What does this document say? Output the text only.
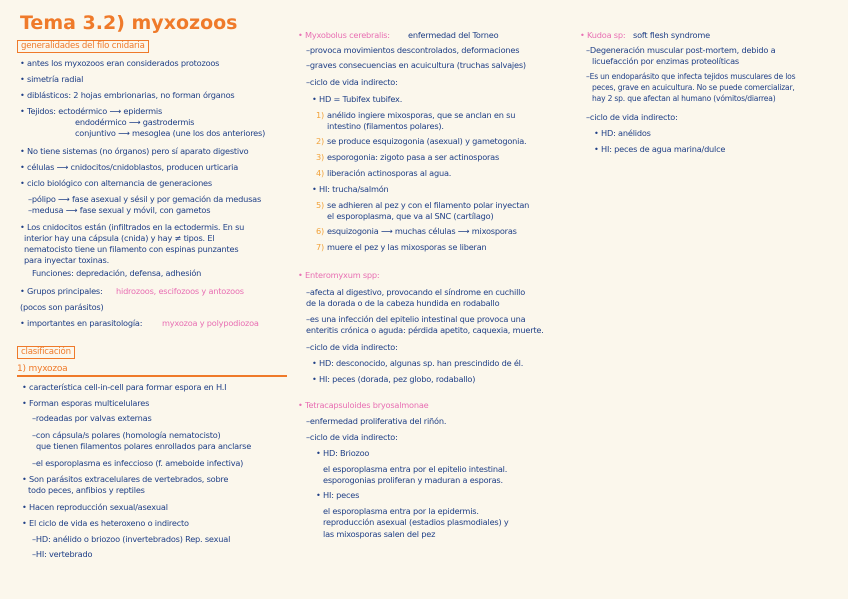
Tema 3.2) myxozoos
generalidades del filo cnidaria
• antes los myxozoos eran considerados protozoos
• simetría radial
• diblásticos: 2 hojas embrionarias, no forman órganos
• Tejidos: ectodérmico ⟶ epidermis
endodérmico ⟶ gastrodermis
conjuntivo ⟶ mesoglea (une los dos anteriores)
• No tiene sistemas (no órganos) pero sí aparato digestivo
• células ⟶ cnidocitos/cnidoblastos, producen urticaria
• ciclo biológico con alternancia de generaciones
–pólipo ⟶ fase asexual y sésil y por gemación da medusas
–medusa ⟶ fase sexual y móvil, con gametos
• Los cnidocitos están (infiltrados en la ectodermis. En su
interior hay una cápsula (cnida) y hay ≠ tipos. El
nematocisto tiene un filamento con espinas punzantes
para inyectar toxinas.
Funciones: depredación, defensa, adhesión
• Grupos principales: hidrozoos, escifozoos y antozoos
(pocos son parásitos)
• importantes en parasitología: myxozoa y polypodiozoa
clasificación
1) myxozoa
• característica cell-in-cell para formar espora en H.I
• Forman esporas multicelulares
–rodeadas por valvas externas
–con cápsula/s polares (homología nematocisto)
que tienen filamentos polares enrollados para anclarse
–el esporoplasma es infeccioso (f. ameboide infectiva)
• Son parásitos extracelulares de vertebrados, sobre
todo peces, anfibios y reptiles
• Hacen reproducción sexual/asexual
• El ciclo de vida es heteroxeno o indirecto
–HD: anélido o briozoo (invertebrados) Rep. sexual
–HI: vertebrado
• Myxobolus cerebralis: enfermedad del Torneo
–provoca movimientos descontrolados, deformaciones
–graves consecuencias en acuicultura (truchas salvajes)
–ciclo de vida indirecto:
• HD = Tubifex tubifex.
1) anélido ingiere mixosporas, que se anclan en su
intestino (filamentos polares).
2) se produce esquizogonia (asexual) y gametogonia.
3) esporogonia: zigoto pasa a ser actinosporas
4) liberación actinosporas al agua.
• HI: trucha/salmón
5) se adhieren al pez y con el filamento polar inyectan
el esporoplasma, que va al SNC (cartílago)
6) esquizogonia ⟶ muchas células ⟶ mixosporas
7) muere el pez y las mixosporas se liberan
• Enteromyxum spp:
–afecta al digestivo, provocando el síndrome en cuchillo
de la dorada o de la cabeza hundida en rodaballo
–es una infección del epitelio intestinal que provoca una
enteritis crónica o aguda: pérdida apetito, caquexia, muerte.
–ciclo de vida indirecto:
• HD: desconocido, algunas sp. han prescindido de él.
• HI: peces (dorada, pez globo, rodaballo)
• Tetracapsuloides bryosalmonae
–enfermedad proliferativa del riñón.
–ciclo de vida indirecto:
• HD: Briozoo
el esporoplasma entra por el epitelio intestinal.
esporogonias proliferan y maduran a esporas.
• HI: peces
el esporoplasma entra por la epidermis.
reproducción asexual (estadios plasmodiales) y
las mixosporas salen del pez
• Kudoa sp: soft flesh syndrome
–Degeneración muscular post-mortem, debido a
licuefacción por enzimas proteolíticas
–Es un endoparásito que infecta tejidos musculares de los
peces, grave en acuicultura. No se puede comercializar,
hay 2 sp. que afectan al humano (vómitos/diarrea)
–ciclo de vida indirecto:
• HD: anélidos
• HI: peces de agua marina/dulce
